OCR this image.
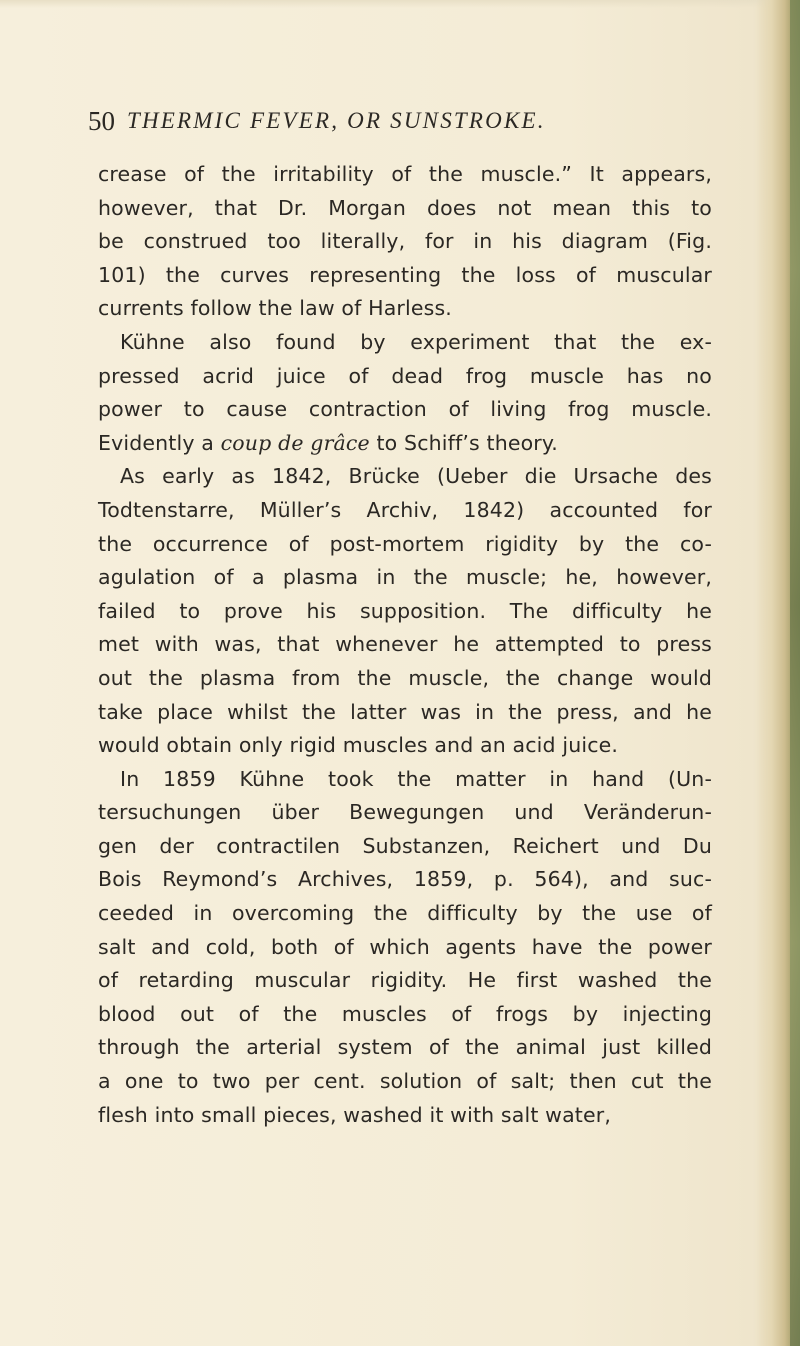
50 THERMIC FEVER, OR SUNSTROKE.
crease of the irritability of the muscle.” It appears,
however, that Dr. Morgan does not mean this to
be construed too literally, for in his diagram (Fig.
101) the curves representing the loss of muscular
currents follow the law of Harless.
Kühne also found by experiment that the ex-
pressed acrid juice of dead frog muscle has no
power to cause contraction of living frog muscle.
Evidently a coup de grâce to Schiff’s theory.
As early as 1842, Brücke (Ueber die Ursache des
Todtenstarre, Müller’s Archiv, 1842) accounted for
the occurrence of post-mortem rigidity by the co-
agulation of a plasma in the muscle; he, however,
failed to prove his supposition. The difficulty he
met with was, that whenever he attempted to press
out the plasma from the muscle, the change would
take place whilst the latter was in the press, and he
would obtain only rigid muscles and an acid juice.
In 1859 Kühne took the matter in hand (Un-
tersuchungen über Bewegungen und Veränderun-
gen der contractilen Substanzen, Reichert und Du
Bois Reymond’s Archives, 1859, p. 564), and suc-
ceeded in overcoming the difficulty by the use of
salt and cold, both of which agents have the power
of retarding muscular rigidity. He first washed the
blood out of the muscles of frogs by injecting
through the arterial system of the animal just killed
a one to two per cent. solution of salt; then cut the
flesh into small pieces, washed it with salt water,
